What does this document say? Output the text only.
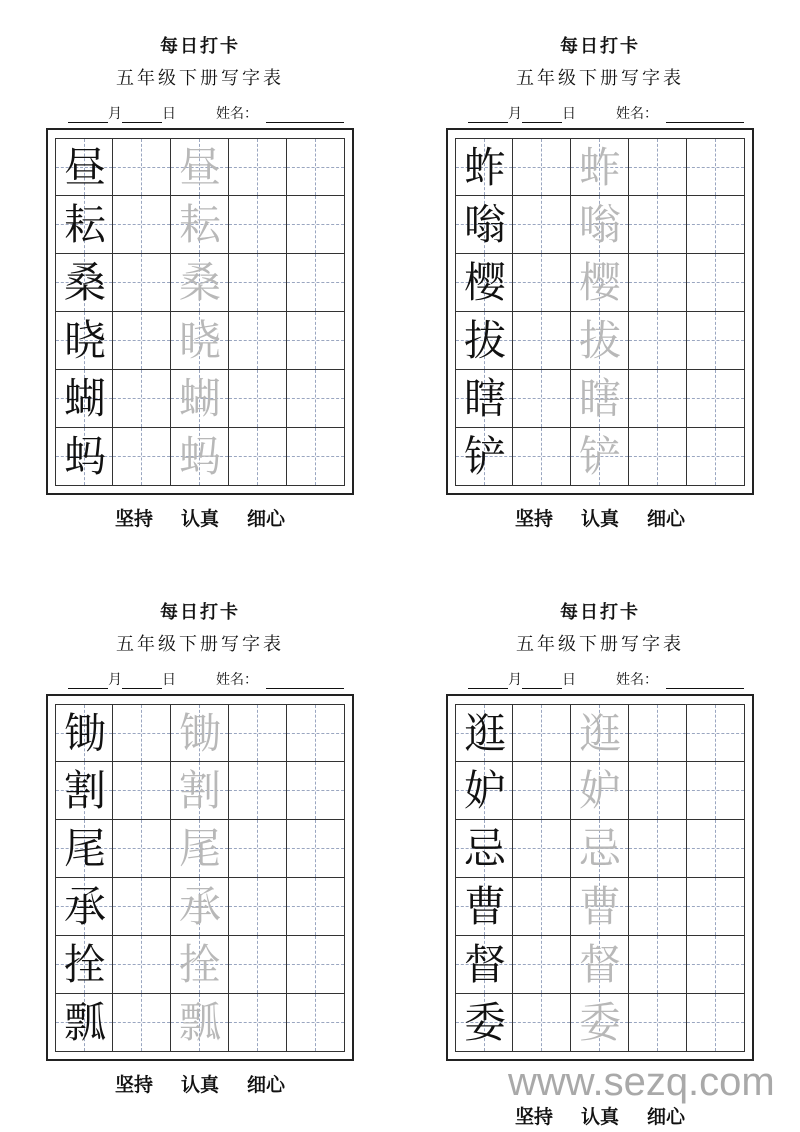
每日打卡
五年级下册写字表
月	日	姓名：
逛 逛
妒 妒
忌 忌
曹 曹
督 督
委 委
坚持 认真 细心
每日打卡
五年级下册写字表
月	日	姓名：
锄 锄
割 割
尾 尾
承 承
拴 拴
瓢 瓢
坚持 认真 细心
每日打卡
五年级下册写字表
月	日	姓名：
蚱 蚱
嗡 嗡
樱 樱
拔 拔
瞎 瞎
铲 铲
坚持 认真 细心
每日打卡
五年级下册写字表
月	日	姓名：
昼 昼
耘 耘
桑 桑
晓 晓
蝴 蝴
蚂 蚂
坚持 认真 细心
www.sezq.com
